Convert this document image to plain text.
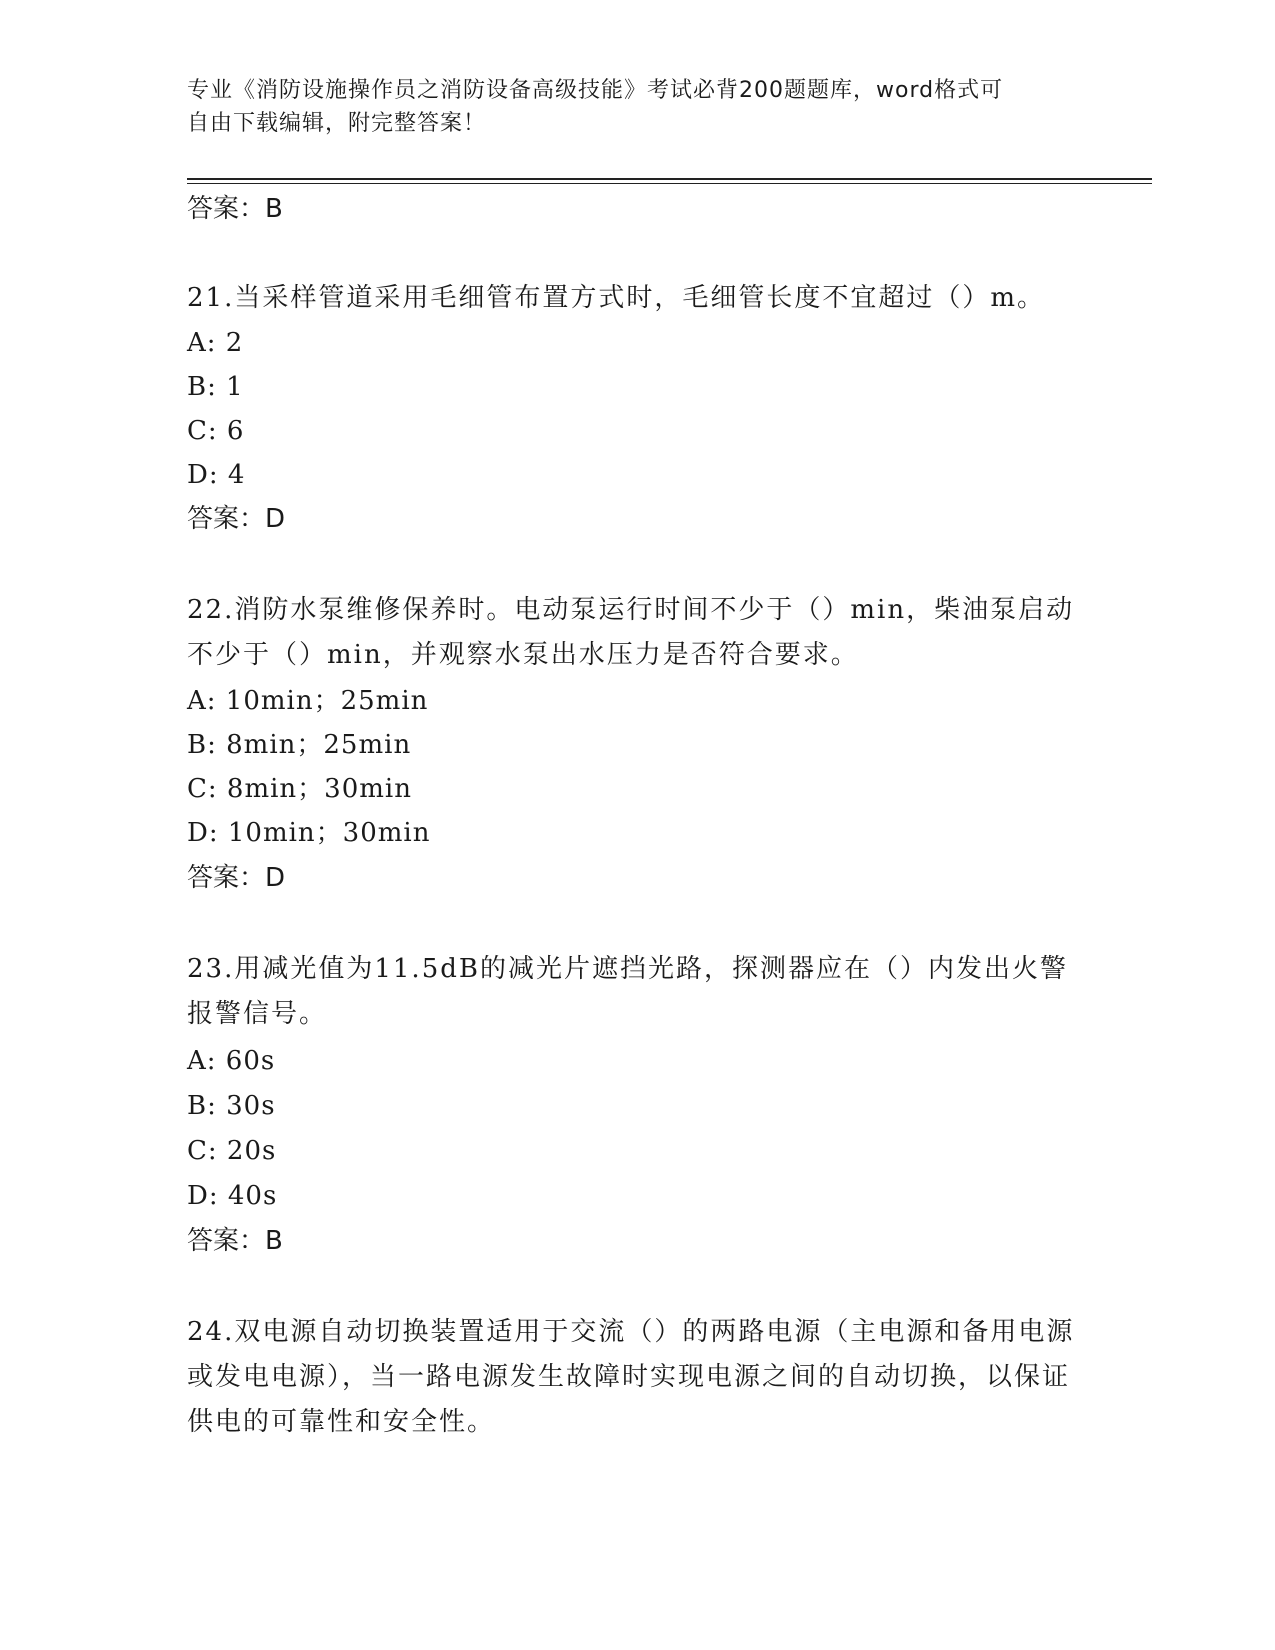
专业《消防设施操作员之消防设备高级技能》考试必背200题题库，word格式可
自由下载编辑，附完整答案！
答案：B
21.当采样管道采用毛细管布置方式时，毛细管长度不宜超过（）m。
A: 2
B: 1
C: 6
D: 4
答案：D
22.消防水泵维修保养时。电动泵运行时间不少于（）min，柴油泵启动不少于（）min，并观察水泵出水压力是否符合要求。
A: 10min；25min
B: 8min；25min
C: 8min；30min
D: 10min；30min
答案：D
23.用减光值为11.5dB的减光片遮挡光路，探测器应在（）内发出火警报警信号。
A: 60s
B: 30s
C: 20s
D: 40s
答案：B
24.双电源自动切换装置适用于交流（）的两路电源（主电源和备用电源或发电电源），当一路电源发生故障时实现电源之间的自动切换，以保证供电的可靠性和安全性。
